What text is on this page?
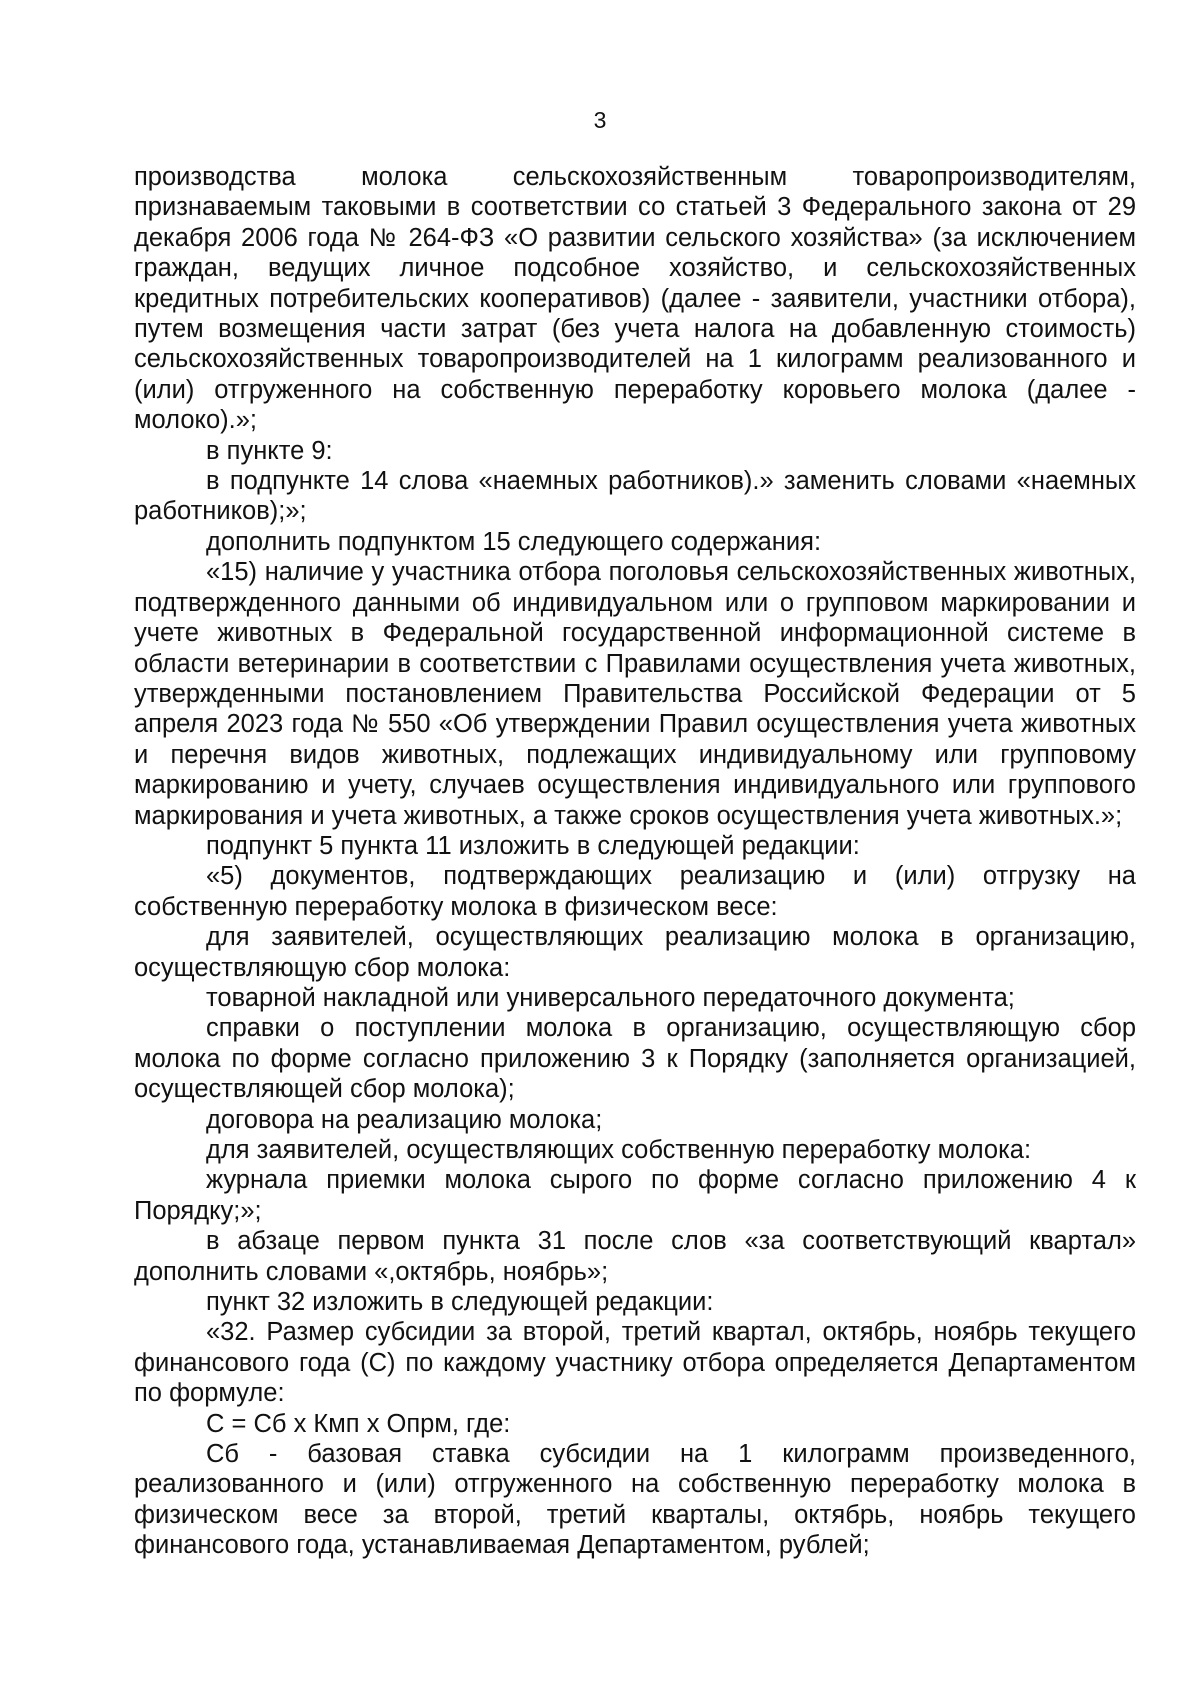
3

производства молока сельскохозяйственным товаропроизводителям, признаваемым таковыми в соответствии со статьей 3 Федерального закона от 29 декабря 2006 года № 264-ФЗ «О развитии сельского хозяйства» (за исключением граждан, ведущих личное подсобное хозяйство, и сельскохозяйственных кредитных потребительских кооперативов) (далее - заявители, участники отбора), путем возмещения части затрат (без учета налога на добавленную стоимость) сельскохозяйственных товаропроизводителей на 1 килограмм реализованного и (или) отгруженного на собственную переработку коровьего молока (далее - молоко).»;

в пункте 9:

в подпункте 14 слова «наемных работников).» заменить словами «наемных работников);»;

дополнить подпунктом 15 следующего содержания:

«15) наличие у участника отбора поголовья сельскохозяйственных животных, подтвержденного данными об индивидуальном или о групповом маркировании и учете животных в Федеральной государственной информационной системе в области ветеринарии в соответствии с Правилами осуществления учета животных, утвержденными постановлением Правительства Российской Федерации от 5 апреля 2023 года № 550 «Об утверждении Правил осуществления учета животных и перечня видов животных, подлежащих индивидуальному или групповому маркированию и учету, случаев осуществления индивидуального или группового маркирования и учета животных, а также сроков осуществления учета животных.»;

подпункт 5 пункта 11 изложить в следующей редакции:

«5) документов, подтверждающих реализацию и (или) отгрузку на собственную переработку молока в физическом весе:

для заявителей, осуществляющих реализацию молока в организацию, осуществляющую сбор молока:

товарной накладной или универсального передаточного документа;

справки о поступлении молока в организацию, осуществляющую сбор молока по форме согласно приложению 3 к Порядку (заполняется организацией, осуществляющей сбор молока);

договора на реализацию молока;

для заявителей, осуществляющих собственную переработку молока:

журнала приемки молока сырого по форме согласно приложению 4 к Порядку;»;

в абзаце первом пункта 31 после слов «за соответствующий квартал» дополнить словами «,октябрь, ноябрь»;

пункт 32 изложить в следующей редакции:

«32. Размер субсидии за второй, третий квартал, октябрь, ноябрь текущего финансового года (С) по каждому участнику отбора определяется Департаментом по формуле:

С = Сб х Кмп х Опрм, где:

Сб - базовая ставка субсидии на 1 килограмм произведенного, реализованного и (или) отгруженного на собственную переработку молока в физическом весе за второй, третий кварталы, октябрь, ноябрь текущего финансового года, устанавливаемая Департаментом, рублей;
